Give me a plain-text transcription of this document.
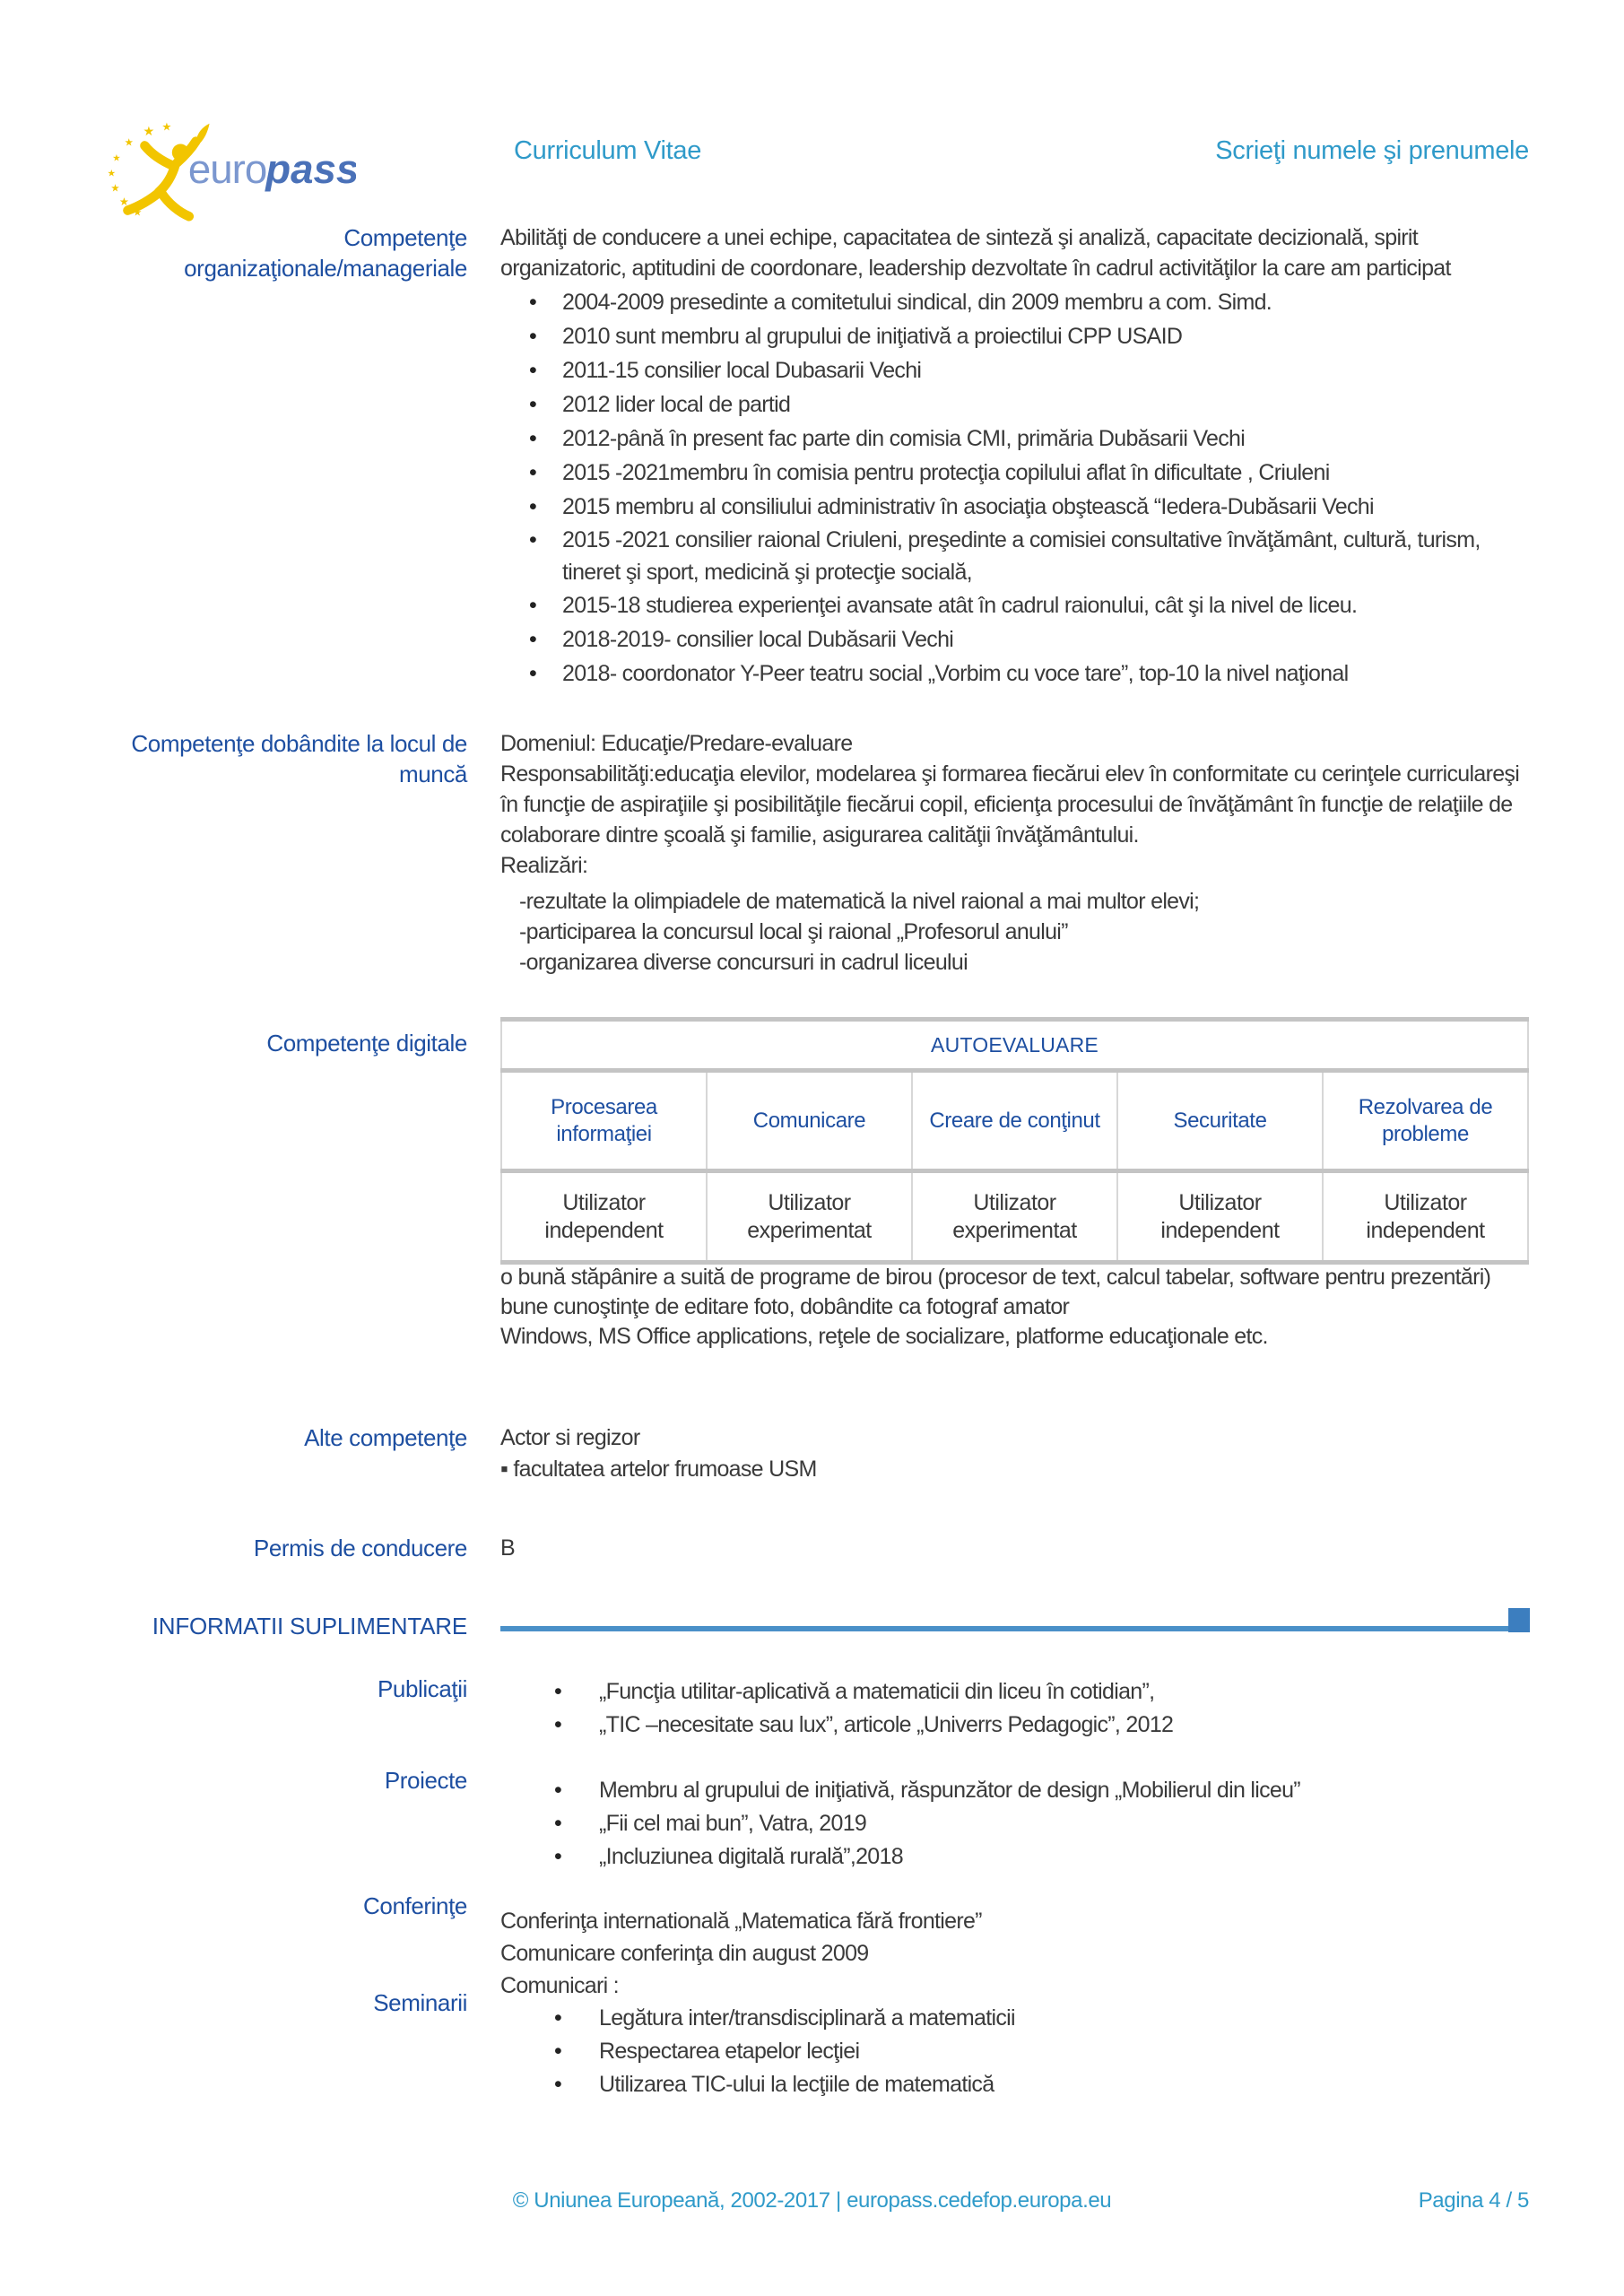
★
★
★
★
★
★
★
★
euro
pass	Curriculum Vitae	Scrieţi numele şi prenumele
Competenţe organizaţionale/manageriale
Abilităţi de conducere a unei echipe, capacitatea de sinteză şi analiză, capacitate decizională, spirit organizatoric, aptitudini de coordonare, leadership dezvoltate în cadrul activităţilor la care am participat
• 2004-2009 presedinte a comitetului sindical, din 2009 membru a com. Simd.
• 2010 sunt membru al grupului de iniţiativă a proiectilui CPP USAID
• 2011-15 consilier local Dubasarii Vechi
• 2012 lider local de partid
• 2012-până în present fac parte din comisia CMI, primăria Dubăsarii Vechi
• 2015 -2021membru în comisia pentru protecţia copilului aflat în dificultate , Criuleni
• 2015 membru al consiliului administrativ în asociaţia obştească “Iedera-Dubăsarii Vechi
• 2015 -2021 consilier raional Criuleni, preşedinte a comisiei consultative învăţământ, cultură, turism, tineret şi sport, medicină şi protecţie socială,
• 2015-18 studierea experienţei avansate atât în cadrul raionului, cât şi la nivel de liceu.
• 2018-2019- consilier local Dubăsarii Vechi
• 2018- coordonator Y-Peer teatru social „Vorbim cu voce tare”, top-10 la nivel naţional
Competenţe dobândite la locul de muncă
Domeniul: Educaţie/Predare-evaluare
Responsabilităţi:educaţia elevilor, modelarea şi formarea fiecărui elev în conformitate cu cerinţele curriculareşi în funcţie de aspiraţiile şi posibilităţile fiecărui copil, eficienţa procesului de învăţământ în funcţie de relaţiile de colaborare dintre şcoală şi familie, asigurarea calităţii învăţământului.
Realizări:
-rezultate la olimpiadele de matematică la nivel raional a mai multor elevi;
-participarea la concursul local şi raional „Profesorul anului”
-organizarea diverse concursuri in cadrul liceului
Competenţe digitale	AUTOEVALUARE				
Procesarea informaţiei	Comunicare	Creare de conţinut	Securitate	Rezolvarea de probleme
Utilizator independent	Utilizator experimentat	Utilizator experimentat	Utilizator independent	Utilizator independent
o bună stăpânire a suită de programe de birou (procesor de text, calcul tabelar, software pentru prezentări)
bune cunoştinţe de editare foto, dobândite ca fotograf amator
Windows, MS Office applications, reţele de socializare, platforme educaţionale etc.
Alte competenţe Actor si regizor
▪ facultatea artelor frumoase USM
Permis de conducere B
INFORMATII SUPLIMENTARE
Publicaţii	• „Funcţia utilitar-aplicativă a matematicii din liceu în cotidian”,
• „TIC –necesitate sau lux”, articole „Univerrs Pedagogic”, 2012
Proiecte	• Membru al grupului de iniţiativă, răspunzător de design „Mobilierul din liceu”
• „Fii cel mai bun”, Vatra, 2019
• „Incluziunea digitală rurală”,2018
Conferinţe
Conferinţa internatională „Matematica fără frontiere”
Comunicare conferinţa din august 2009
Comunicari :
Seminarii
• Legătura inter/transdisciplinară a matematicii
• Respectarea etapelor lecţiei
• Utilizarea TIC-ului la lecţiile de matematică
© Uniunea Europeană, 2002-2017 | europass.cedefop.europa.eu	Pagina 4 / 5
